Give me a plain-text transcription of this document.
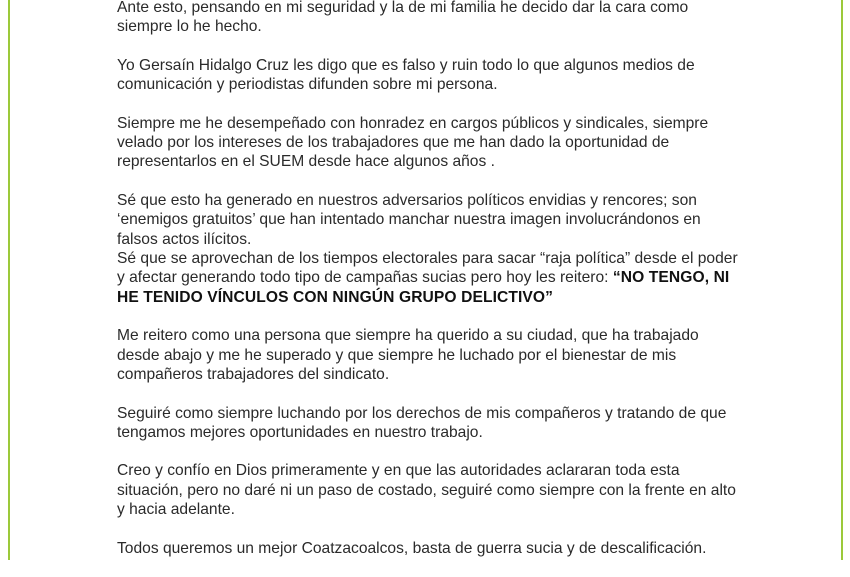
Ante esto, pensando en mi seguridad y la de mi familia he decido dar la cara como siempre lo he hecho.

Yo Gersaín Hidalgo Cruz les digo que es falso y ruin todo lo que algunos medios de comunicación y periodistas difunden sobre mi persona.

Siempre me he desempeñado con honradez en cargos públicos y sindicales, siempre velado por los intereses de los trabajadores que me han dado la oportunidad de representarlos en el SUEM desde hace algunos años .

Sé que esto ha generado en nuestros adversarios políticos envidias y rencores; son ‘enemigos gratuitos’ que han intentado manchar nuestra imagen involucrándonos en falsos actos ilícitos.

Sé que se aprovechan de los tiempos electorales para sacar “raja política” desde el poder y afectar generando todo tipo de campañas sucias pero hoy les reitero: “NO TENGO, NI HE TENIDO VÍNCULOS CON NINGÚN GRUPO DELICTIVO”

Me reitero como una persona que siempre ha querido a su ciudad, que ha trabajado desde abajo y me he superado y que siempre he luchado por el bienestar de mis compañeros trabajadores del sindicato.

Seguiré como siempre luchando por los derechos de mis compañeros y tratando de que tengamos mejores oportunidades en nuestro trabajo.

Creo y confío en Dios primeramente y en que las autoridades aclararan toda esta situación, pero no daré ni un paso de costado, seguiré como siempre con la frente en alto y hacia adelante.

Todos queremos un mejor Coatzacoalcos, basta de guerra sucia y de descalificación.
